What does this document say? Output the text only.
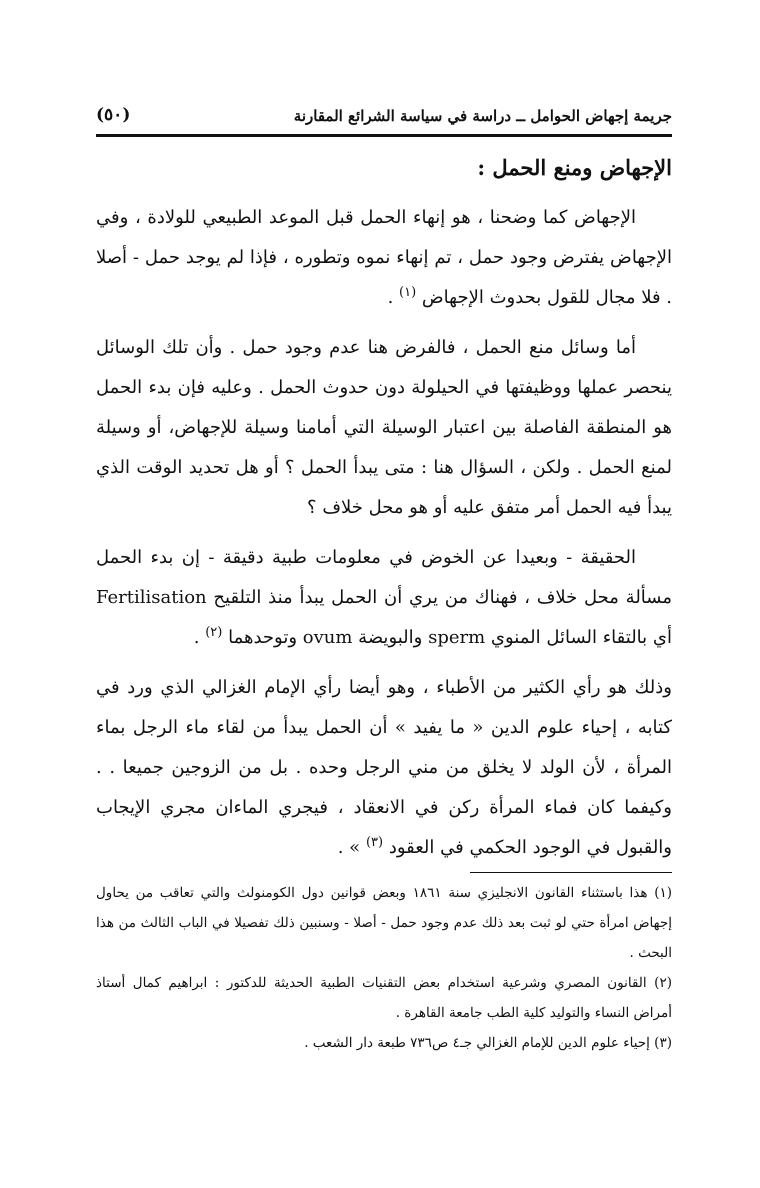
جريمة إجهاض الحوامل ــ دراسة في سياسة الشرائع المقارنة
(٥٠)
الإجهاض ومنع الحمل :
الإجهاض كما وضحنا ، هو إنهاء الحمل قبل الموعد الطبيعي للولادة ، وفي الإجهاض يفترض وجود حمل ، تم إنهاء نموه وتطوره ، فإذا لم يوجد حمل - أصلا . فلا مجال للقول بحدوث الإجهاض $^{(١)}$ .
أما وسائل منع الحمل ، فالفرض هنا عدم وجود حمل . وأن تلك الوسائل ينحصر عملها ووظيفتها في الحيلولة دون حدوث الحمل . وعليه فإن بدء الحمل هو المنطقة الفاصلة بين اعتبار الوسيلة التي أمامنا وسيلة للإجهاض، أو وسيلة لمنع الحمل . ولكن ، السؤال هنا : متى يبدأ الحمل ؟ أو هل تحديد الوقت الذي يبدأ فيه الحمل أمر متفق عليه أو هو محل خلاف ؟
الحقيقة - وبعيدا عن الخوض في معلومات طبية دقيقة - إن بدء الحمل مسألة محل خلاف ، فهناك من يري أن الحمل يبدأ منذ التلقيح Fertilisation أي بالتقاء السائل المنوي sperm والبويضة ovum وتوحدهما $^{(٢)}$ .
وذلك هو رأي الكثير من الأطباء ، وهو أيضا رأي الإمام الغزالي الذي ورد في كتابه ، إحياء علوم الدين « ما يفيد » أن الحمل يبدأ من لقاء ماء الرجل بماء المرأة ، لأن الولد لا يخلق من مني الرجل وحده . بل من الزوجين جميعا . . وكيفما كان فماء المرأة ركن في الانعقاد ، فيجري الماءان مجري الإيجاب والقبول في الوجود الحكمي في العقود $^{(٣)}$ » .

(١) هذا باستثناء القانون الانجليزي سنة ١٨٦١ وبعض قوانين دول الكومنولث والتي تعاقب من يحاول إجهاض امرأة حتي لو ثبت بعد ذلك عدم وجود حمل - أصلا - وسنبين ذلك تفصيلا في الباب الثالث من هذا البحث .

(٢) القانون المصري وشرعية استخدام بعض التقنيات الطبية الحديثة للدكتور : ابراهيم كمال أستاذ أمراض النساء والتوليد كلية الطب جامعة القاهرة .

(٣) إحياء علوم الدين للإمام الغزالي جـ٤ ص٧٣٦ طبعة دار الشعب .
